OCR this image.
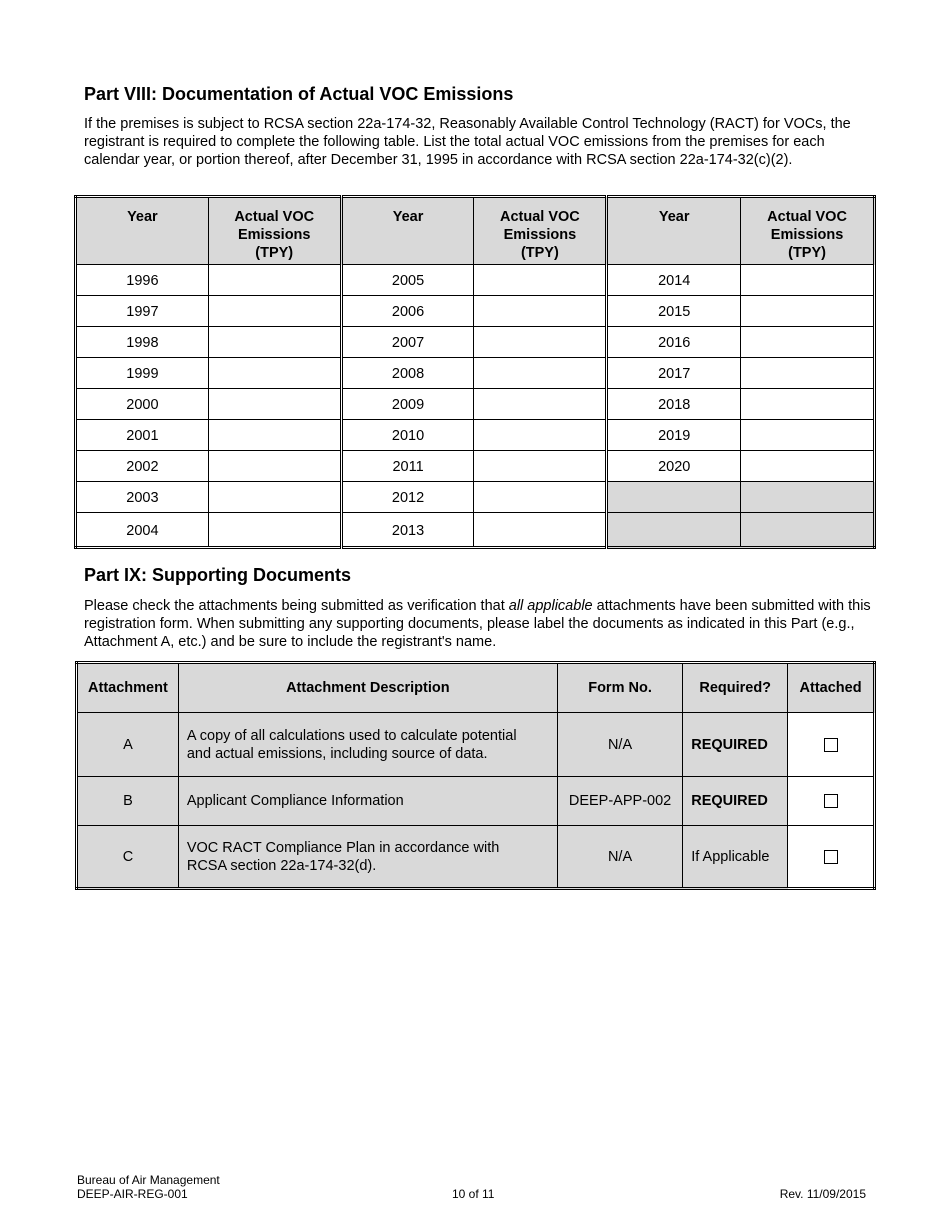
Part VIII: Documentation of Actual VOC Emissions

If the premises is subject to RCSA section 22a-174-32, Reasonably Available Control Technology (RACT) for VOCs, the registrant is required to complete the following table. List the total actual VOC emissions from the premises for each calendar year, or portion thereof, after December 31, 1995 in accordance with RCSA section 22a-174-32(c)(2).

Year	Actual VOC
Emissions
(TPY)	Year	Actual VOC
Emissions
(TPY)	Year	Actual VOC
Emissions
(TPY)
1996		2005		2014	
1997		2006		2015	
1998		2007		2016	
1999		2008		2017	
2000		2009		2018	
2001		2010		2019	
2002		2011		2020	
2003		2012			
2004		2013			
Part IX: Supporting Documents

Please check the attachments being submitted as verification that all applicable attachments have been submitted with this registration form. When submitting any supporting documents, please label the documents as indicated in this Part (e.g., Attachment A, etc.) and be sure to include the registrant's name.

Attachment	Attachment Description	Form No.	Required?	Attached
A	A copy of all calculations used to calculate potential
and actual emissions, including source of data.	N/A	REQUIRED	
B	Applicant Compliance Information	DEEP-APP-002	REQUIRED	
C	VOC RACT Compliance Plan in accordance with
RCSA section 22a-174-32(d).	N/A	If Applicable	

Bureau of Air Management

DEEP-AIR-REG-001	10 of 11	Rev. 11/09/2015
